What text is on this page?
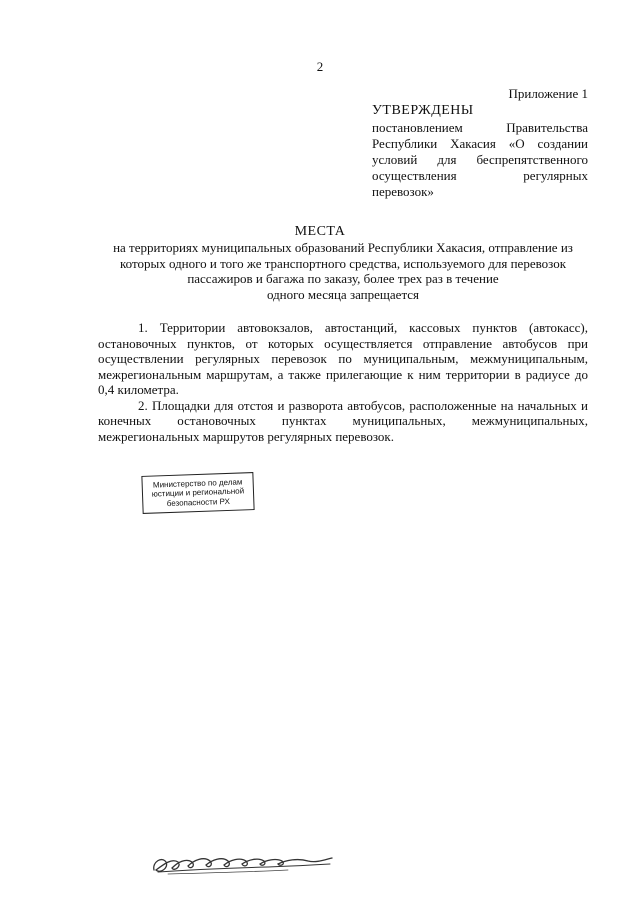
2
Приложение 1
УТВЕРЖДЕНЫ
постановлением Правительства Республики Хакасия «О создании условий для беспрепятственного осуществления регулярных перевозок»
МЕСТА
на территориях муниципальных образований Республики Хакасия, отправление из
которых одного и того же транспортного средства, используемого для перевозок
пассажиров и багажа по заказу, более трех раз в течение
одного месяца запрещается

1. Территории автовокзалов, автостанций, кассовых пунктов (автокасс), остановочных пунктов, от которых осуществляется отправление автобусов при осуществлении регулярных перевозок по муниципальным, межмуниципальным, межрегиональным маршрутам, а также прилегающие к ним территории в радиусе до 0,4 километра.

2. Площадки для отстоя и разворота автобусов, расположенные на начальных и конечных остановочных пунктах муниципальных, межмуниципальных, межрегиональных маршрутов регулярных перевозок.

Министерство по делам
юстиции и региональной
безопасности РХ
